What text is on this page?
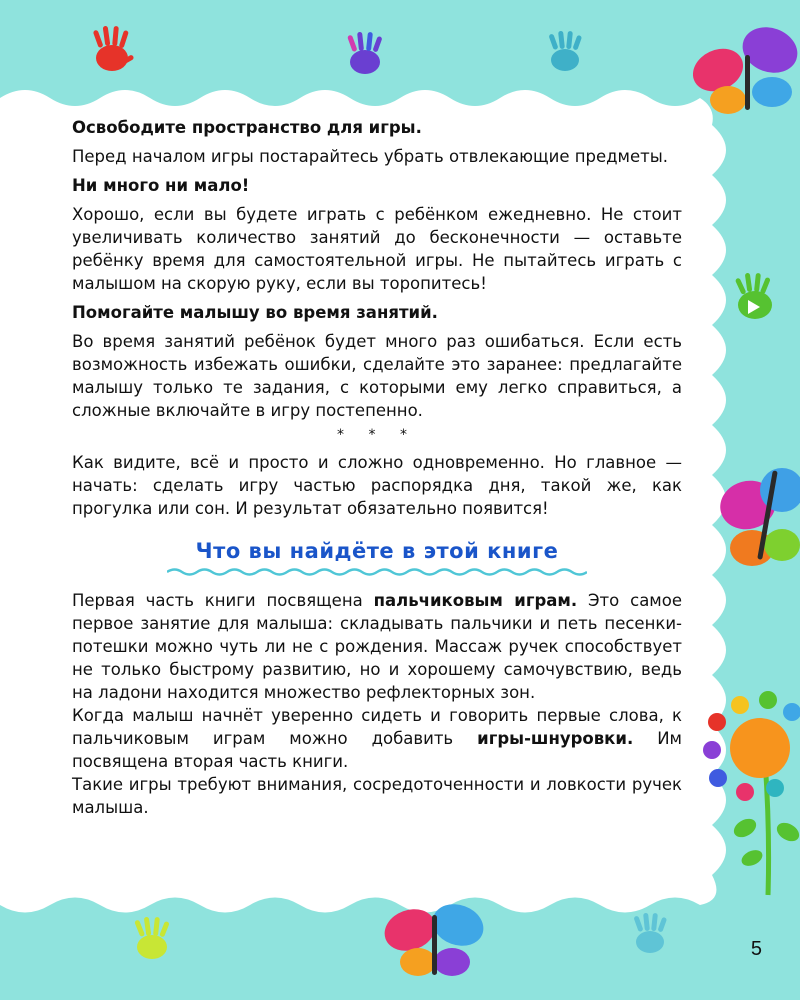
Освободите пространство для игры.

Перед началом игры постарайтесь убрать отвлекающие предметы.

Ни много ни мало!

Хорошо, если вы будете играть с ребёнком ежедневно. Не стоит увеличивать количество занятий до бесконечности — оставьте ребёнку время для самостоятельной игры. Не пытайтесь играть с малышом на скорую руку, если вы торопитесь!

Помогайте малышу во время занятий.

Во время занятий ребёнок будет много раз ошибаться. Если есть возможность избежать ошибки, сделайте это заранее: предлагайте малышу только те задания, с которыми ему легко справиться, а сложные включайте в игру постепенно.

* * *

Как видите, всё и просто и сложно одновременно. Но главное — начать: сделать игру частью распорядка дня, такой же, как прогулка или сон. И результат обязательно появится!

Что вы найдёте в этой книге

Первая часть книги посвящена пальчиковым играм. Это самое первое занятие для малыша: складывать пальчики и петь песенки-потешки можно чуть ли не с рождения. Массаж ручек способствует не только быстрому развитию, но и хорошему самочувствию, ведь на ладони находится множество рефлекторных зон.

Когда малыш начнёт уверенно сидеть и говорить первые слова, к пальчиковым играм можно добавить игры-шнуровки. Им посвящена вторая часть книги.

Такие игры требуют внимания, сосредоточенности и ловкости ручек малыша.

5
